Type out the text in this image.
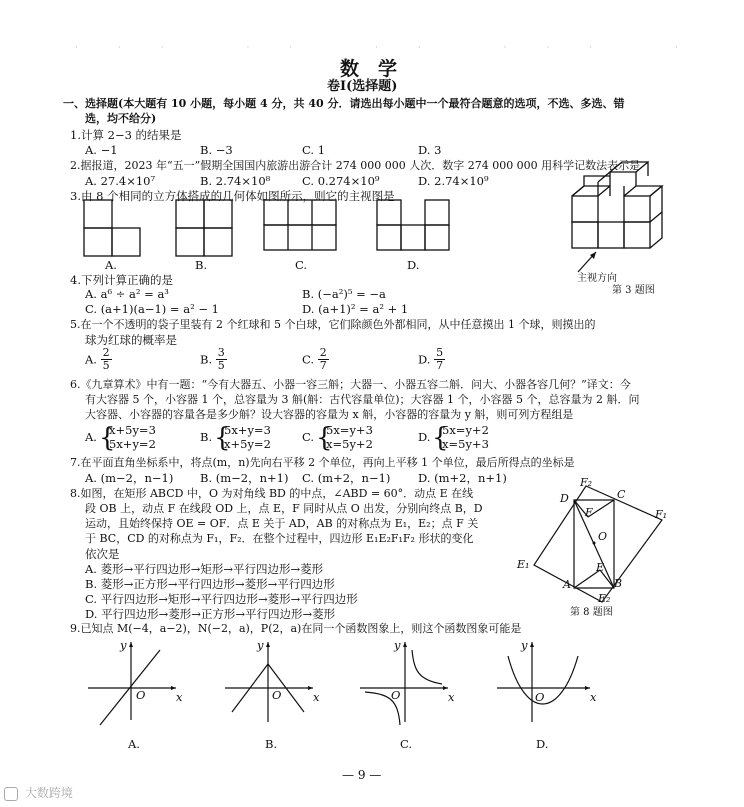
··· ·· ·· ··· ·
数　学
卷Ⅰ(选择题)
一、选择题(本大题有 10 小题，每小题 4 分，共 40 分．请选出每小题中一个最符合题意的选项，不选、多选、错
选，均不给分)
1.计算 2−3 的结果是
A. −1	B. −3	C. 1	D. 3
2.据报道，2023 年“五一”假期全国国内旅游出游合计 274 000 000 人次．数字 274 000 000 用科学记数法表示是
A. 27.4×10⁷	B. 2.74×10⁸	C. 0.274×10⁹	D. 2.74×10⁹
3.由 8 个相同的立方体搭成的几何体如图所示，则它的主视图是
A.	B.	C.	D.
主视方向
第 3 题图
4.下列计算正确的是
A. a⁶ ÷ a² = a³	B. (−a²)⁵ = −a
C. (a+1)(a−1) = a² − 1	D. (a+1)² = a² + 1
5.在一个不透明的袋子里装有 2 个红球和 5 个白球，它们除颜色外都相同，从中任意摸出 1 个球，则摸出的
球为红球的概率是
A. $\frac{2}{5}$	B. $\frac{3}{5}$	C. $\frac{2}{7}$	D. $\frac{5}{7}$
6.《九章算术》中有一题：“今有大器五、小器一容三斛；大器一、小器五容二斛．问大、小器各容几何？”译文：今
有大容器 5 个，小容器 1 个，总容量为 3 斛(斛：古代容量单位)；大容器 1 个，小容器 5 个，总容量为 2 斛．问
大容器、小容器的容量各是多少斛？设大容器的容量为 x 斛，小容器的容量为 y 斛，则可列方程组是
A. {
x+5y=3
5x+y=2	B. {
5x+y=3
x+5y=2	C. {
5x=y+3
x=5y+2	D. {
5x=y+2
x=5y+3
7.在平面直角坐标系中，将点(m，n)先向右平移 2 个单位，再向上平移 1 个单位，最后所得点的坐标是
A. (m−2，n−1) B. (m−2，n+1) C. (m+2，n−1) D. (m+2，n+1)
8.如图，在矩形 ABCD 中，O 为对角线 BD 的中点，∠ABD = 60°．动点 E 在线
段 OB 上，动点 F 在线段 OD 上，点 E，F 同时从点 O 出发，分别向终点 B，D
运动，且始终保持 OE = OF．点 E 关于 AD，AB 的对称点为 E₁，E₂；点 F 关
于 BC，CD 的对称点为 F₁，F₂．在整个过程中，四边形 E₁E₂F₁F₂ 形状的变化
依次是
A. 菱形→平行四边形→矩形→平行四边形→菱形
B. 菱形→正方形→平行四边形→菱形→平行四边形
C. 平行四边形→矩形→平行四边形→菱形→平行四边形
D. 平行四边形→菱形→正方形→平行四边形→菱形
F₂
D	C
F₁
F
O
E₁	E
A	B
E₂
第 8 题图
9.已知点 M(−4，a−2)，N(−2，a)，P(2，a)在同一个函数图象上，则这个函数图象可能是
y
x
O
A.
y
x
O
B.
y
x
O
C.
y
x
O
D.
— 9 —
大数跨境
